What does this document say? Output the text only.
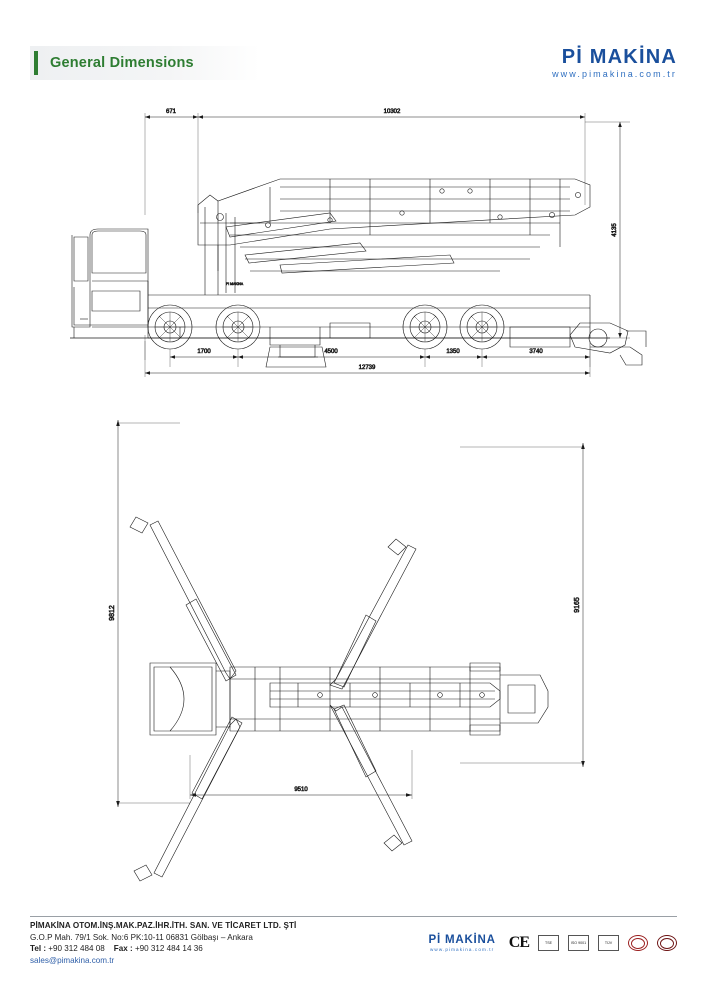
General Dimensions	Pİ MAKİNA
www.pimakina.com.tr
671	10302
4135
PI MAKINA
1700	4500	1350	3740
12739
9812
9165
9510
PİMAKİNA OTOM.İNŞ.MAK.PAZ.İHR.İTH. SAN. VE TİCARET LTD. ŞTİ
G.O.P Mah. 79/1 Sok. No:6 PK:10-11 06831 Gölbaşı – Ankara
Tel : +90 312 484 08 Fax : +90 312 484 14 36
sales@pimakina.com.tr
Pİ MAKİNA
www.pimakina.com.tr CE	TSE	ISO 9001	TÜV
